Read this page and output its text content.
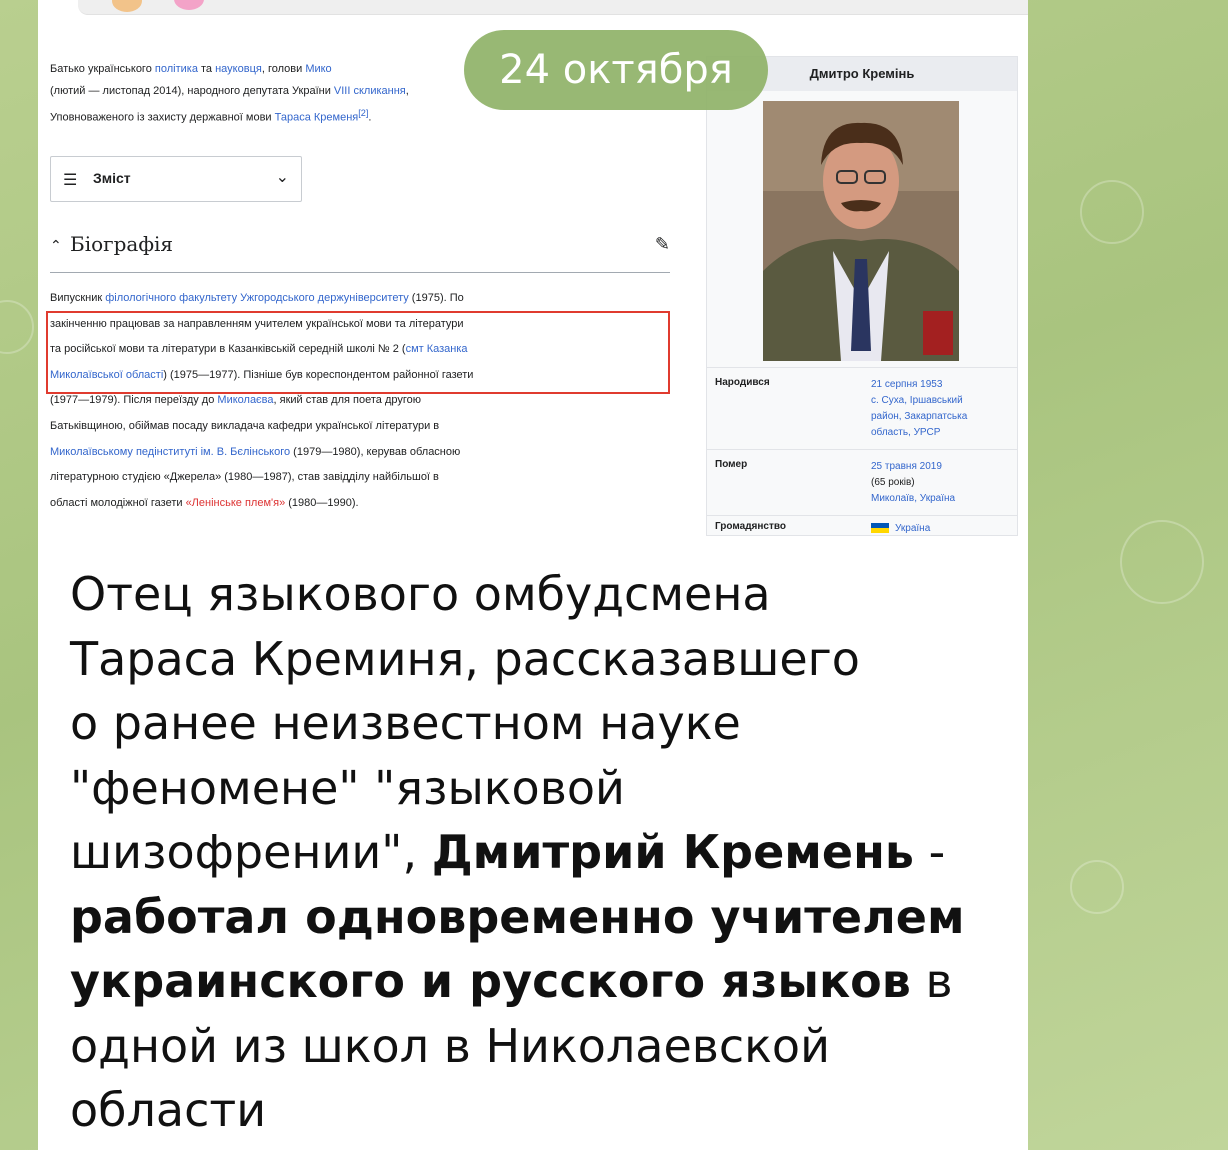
Батько українського політика та науковця, голови Мико
(лютий — листопад 2014), народного депутата України VIII скликання,
Уповноваженого із захисту державної мови Тараса Кременя[2].
☰ Зміст	⌄
⌃ Біографія	✎
Випускник філологічного факультету Ужгородського держуніверситету (1975). По
закінченню працював за направленням учителем української мови та літератури
та російської мови та літератури в Казанківській середній школі № 2 (смт Казанка
Миколаївської області) (1975—1977). Пізніше був кореспондентом районної газети
(1977—1979). Після переїзду до Миколаєва, який став для поета другою
Батьківщиною, обіймав посаду викладача кафедри української літератури в
Миколаївському педінституті ім. В. Бєлінського (1979—1980), керував обласною
літературною студією «Джерела» (1980—1987), став завідділу найбільшої в
області молодіжної газети «Ленінське плем'я» (1980—1990).
Дмитро Кремінь
Народився	21 серпня 1953
с. Суха, Іршавський
район, Закарпатська
область, УРСР
Помер	25 травня 2019
(65 років)
Миколаїв, Україна
Громадянство	Україна
Отец языкового омбудсмена
Тараса Креминя, рассказавшего
о ранее неизвестном науке
"феномене" "языковой
шизофрении", Дмитрий Кремень -
работал одновременно учителем
украинского и русского языков в
одной из школ в Николаевской
области
24 октября
